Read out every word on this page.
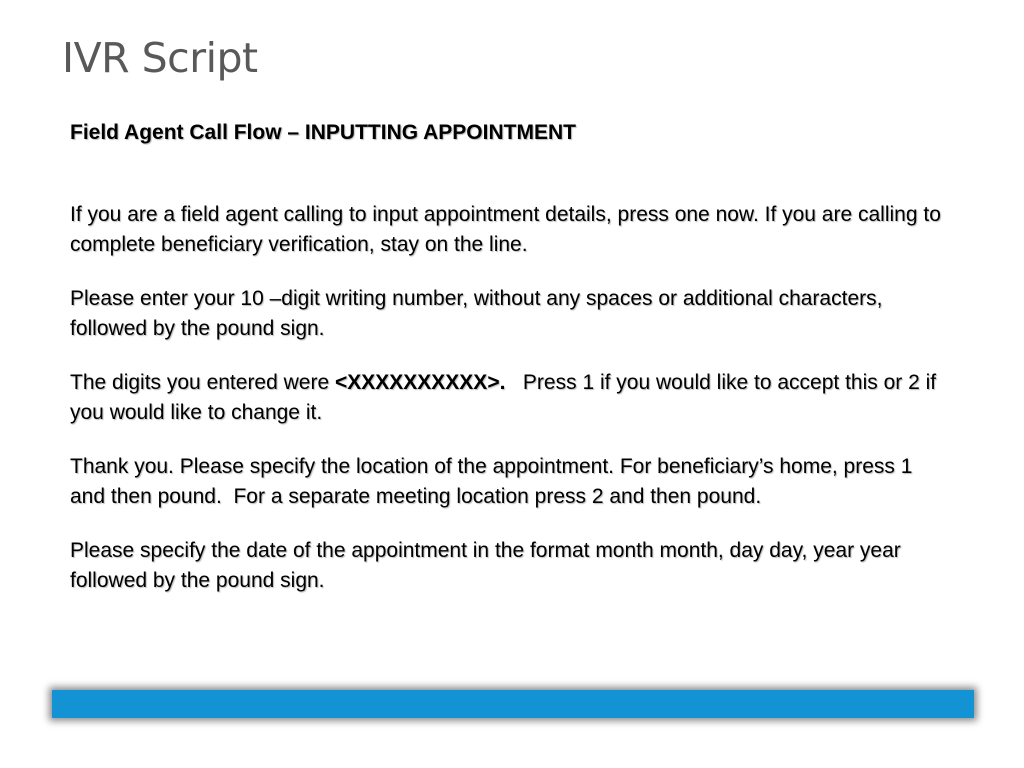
IVR Script

Field Agent Call Flow – INPUTTING APPOINTMENT

If you are a field agent calling to input appointment details, press one now. If you are calling to complete beneficiary verification, stay on the line.

Please enter your 10 –digit writing number, without any spaces or additional characters, followed by the pound sign.

The digits you entered were <XXXXXXXXXX>.   Press 1 if you would like to accept this or 2 if you would like to change it.

Thank you. Please specify the location of the appointment. For beneficiary’s home, press 1 and then pound.  For a separate meeting location press 2 and then pound.

Please specify the date of the appointment in the format month month, day day, year year followed by the pound sign.
